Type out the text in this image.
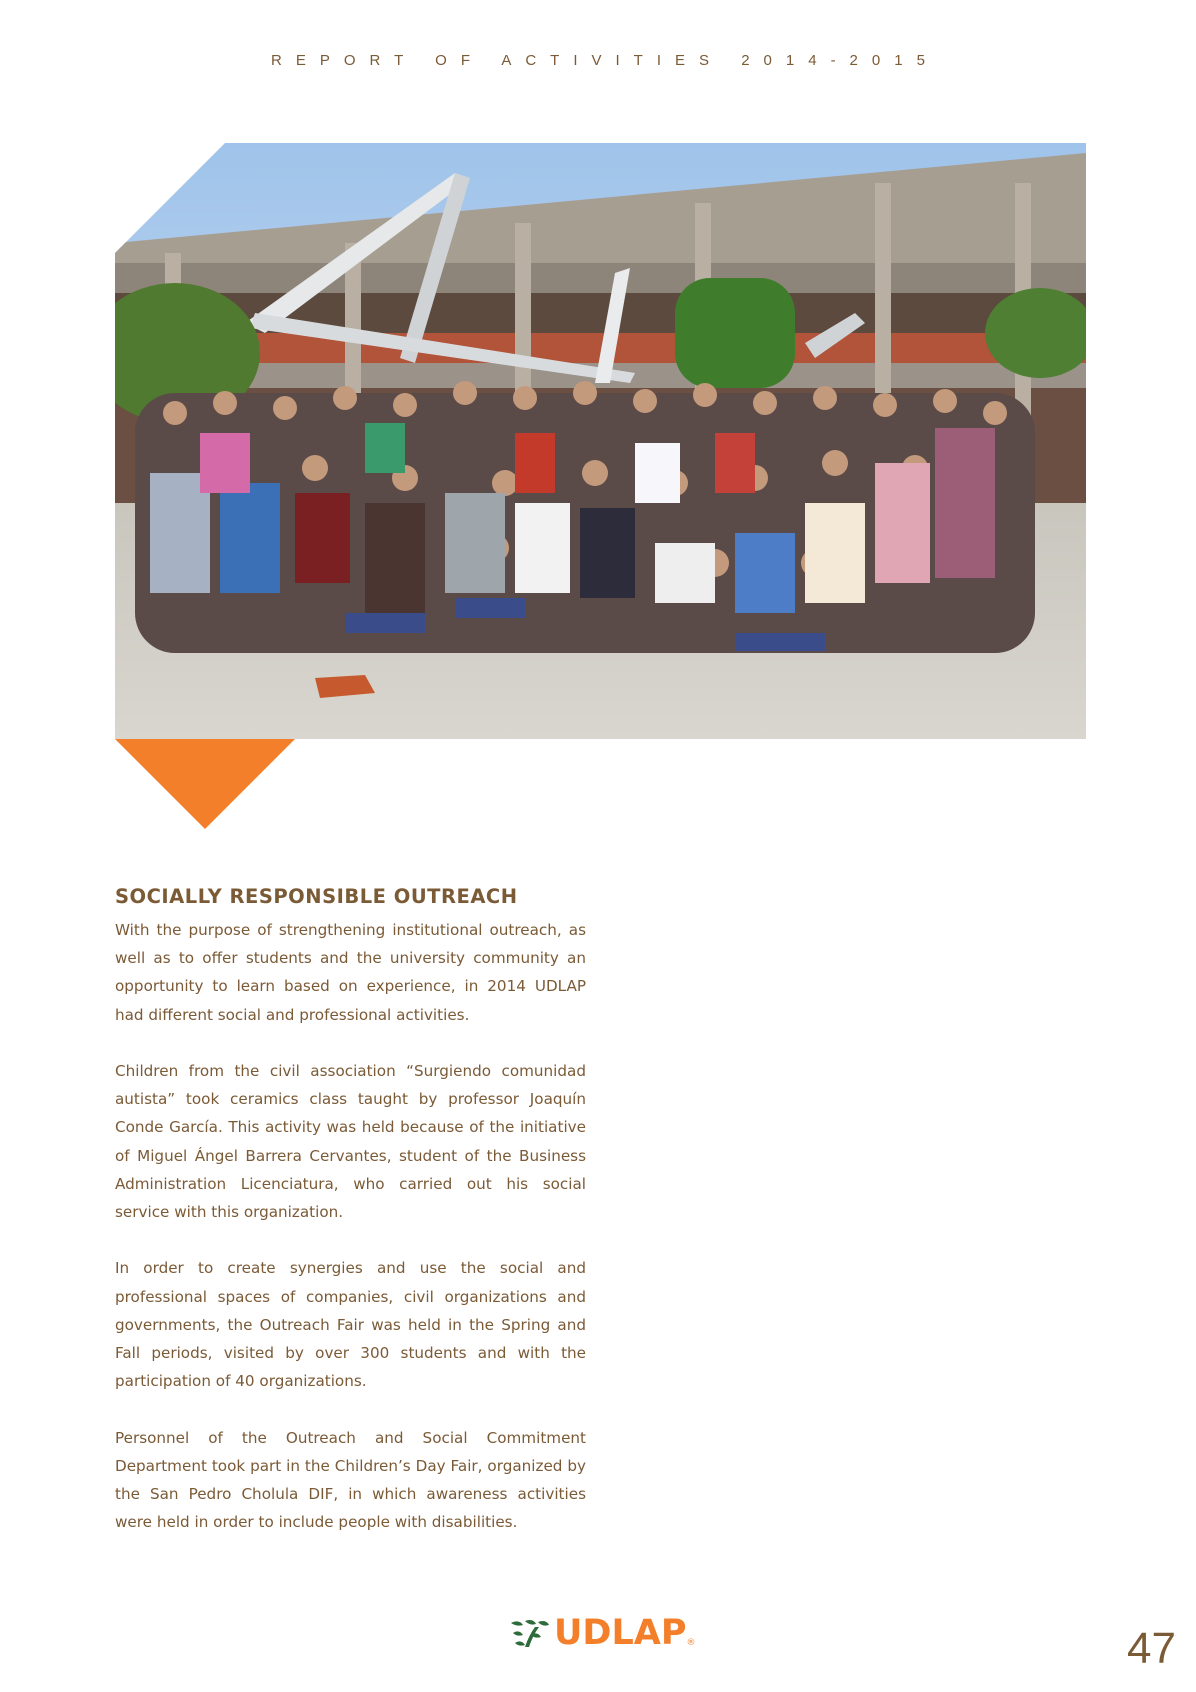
REPORT OF ACTIVITIES 2014-2015
SOCIALLY RESPONSIBLE OUTREACH

With the purpose of strengthening institutional outreach, as well as to offer students and the university community an opportunity to learn based on experience, in 2014 UDLAP had different social and professional activities.

Children from the civil association “Surgiendo comunidad autista” took ceramics class taught by professor Joaquín Conde García. This activity was held because of the initiative of Miguel Ángel Barrera Cervantes, student of the Business Administration Licenciatura, who carried out his social service with this organization.

In order to create synergies and use the social and professional spaces of companies, civil organizations and governments, the Outreach Fair was held in the Spring and Fall periods, visited by over 300 students and with the participation of 40 organizations.

Personnel of the Outreach and Social Commitment Department took part in the Children’s Day Fair, organized by the San Pedro Cholula DIF, in which awareness activities were held in order to include people with disabilities.

UDLAP ®	47
